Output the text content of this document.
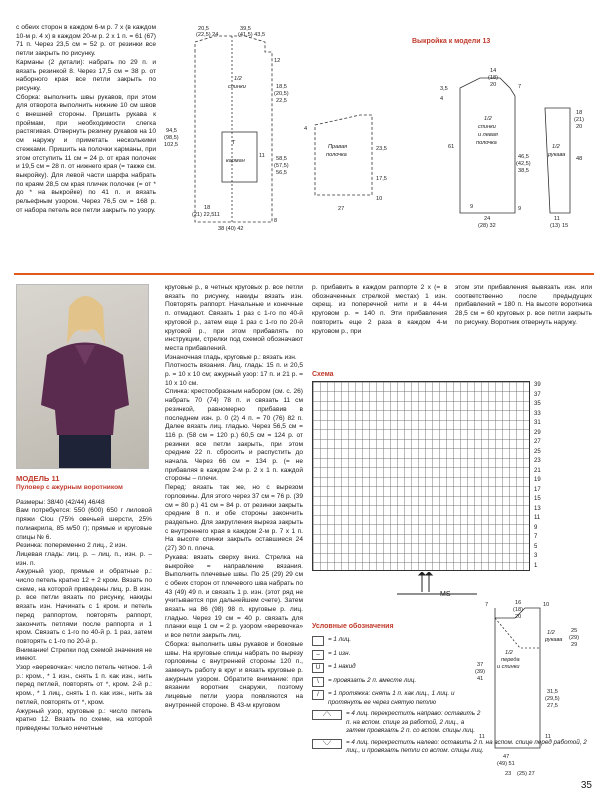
с обеих сторон в каждом 6-м р. 7 х (в каждом 10-м р. 4 х) в каждом 20-м р. 2 х 1 п. = 61 (67) 71 п. Через 23,5 см = 52 р. от резинки все петли закрыть по рисунку.

Карманы (2 детали): набрать по 29 п. и вязать резинкой 8. Через 17,5 см = 38 р. от наборного края все петли закрыть по рисунку.

Сборка: выполнить швы рукавов, при этом для отворота выполнить нижние 10 см швов с внешней стороны. Пришить рукава к проймам, при необходимости слегка растягивая. Отвернуть резинку рукавов на 10 см наружу и приметать несколькими стежками. Пришить на полочки карманы, при этом отступить 11 см = 24 р. от края полочек и 19,5 см = 28 п. от нижнего края (= также см. выкройку). Для левой части шарфа набрать по краям 28,5 см края пличек полочек (= от * до * на выкройке) по 41 п. и вязать рельефным узором. Через 76,5 см = 168 р. от набора петель все петли закрыть по узору.

20,5
(22,5) 24
39,5
(41,5) 43,5
12
1/2
спинки	18,5
(20,5)
22,5
94,5
(98,5)
102,5	Т
карман
11 58,5
(57,5)
56,5
18
(21) 22,5 11
38 (40) 42
8
Правая
полочка
23,5
17,5
27
10
4
Выкройка к модели 13
14
(18)
20	7
3,5
4
1/2
спинки
и левая
полочка
61
46,5
(42,5)
38,5
9
24
(28) 32
9
18
(21)
20
1/2
рукава
48
11
(13) 15
МОДЕЛЬ 11
Пуловер с ажурным воротником

Размеры: 38/40 (42/44) 46/48

Вам потребуется: 550 (600) 650 г лиловой пряжи Clou (75% овечьей шерсти, 25% полиакрила, 85 м/50 г); прямые и круговые спицы № 6.

Резинка: попеременно 2 лиц., 2 изн.

Лицевая гладь: лиц. р. – лиц. п., изн. р. – изн. п.

Ажурный узор, прямые и обратные р.: число петель кратно 12 + 2 кром. Вязать по схеме, на которой приведены лиц. р. В изн. р. все петли вязать по рисунку, накиды вязать изн. Начинать с 1 кром. и петель перед раппортом, повторять раппорт, закончить петлями после раппорта и 1 кром. Связать с 1-го по 40-й р. 1 раз, затем повторять с 1-го по 20-й р.

Внимание! Стрелки под схемой значения не имеют.

Узор «веревочка»: число петель четное. 1-й р.: кром., * 1 изн., снять 1 п. как изн., нить перед петлей, повторять от *, кром. 2-й р.: кром., * 1 лиц., снять 1 п. как изн., нить за петлей, повторять от *, кром.

Ажурный узор, круговые р.: число петель кратно 12. Вязать по схеме, на которой приведены только нечетные

круговые р., в четных круговых р. все петли вязать по рисунку, накиды вязать изн. Повторять раппорт. Начальные и конечные п. отмадают. Связать 1 раз с 1-го по 40-й круговой р., затем еще 1 раз с 1-го по 20-й круговой р., при этом прибавлять по инструкции, стрелки под схемой обозначают места прибавлений.

Изнаночная гладь, круговые р.: вязать изн.

Плотность вязания. Лиц. гладь: 15 п. и 20,5 р. = 10 х 10 см; ажурный узор: 17 п. и 21 р. = 10 х 10 см.

Спинка: крестообразным набором (см. с. 26) набрать 70 (74) 78 п. и связать 11 см резинкой, равномерно прибавив в последнем изн. р. 0 (2) 4 п. = 70 (76) 82 п. Далее вязать лиц. гладью. Через 56,5 см = 116 р. (58 см = 120 р.) 60,5 см = 124 р. от резинки все петли закрыть, при этом средние 22 п. сбросить и распустить до начала. Через 66 см = 134 р. (= не прибавляя в каждом 2-м р. 2 х 1 п. каждой стороны – плечи.

Перед: вязать так же, но с вырезом горловины. Для этого через 37 см = 76 р. (39 см = 80 р.) 41 см = 84 р. от резинки закрыть средние 8 п. и обе стороны закончить раздельно. Для закругления выреза закрыть с внутреннего края в каждом 2-м р. 7 х 1 п. На высоте спинки закрыть оставшиеся 24 (27) 30 п. плеча.

Рукава: вязать сверху вниз. Стрелка на выкройке = направление вязания. Выполнить плечевые швы. По 25 (29) 29 см с обеих сторон от плечевого шва набрать по 43 (49) 49 п. и связать 1 р. изн. (этот ряд не учитывается при дальнейшем счете). Затем вязать на 86 (98) 98 п. круговые р. лиц. гладью. Через 19 см = 40 р. связать для планки еще 1 см = 2 р. узором «веревочка» и все петли закрыть лиц.

Сборка: выполнить швы рукавов и боковые швы. На круговые спицы набрать по вырезу горловины с внутренней стороны 120 п., замкнуть работу в круг и вязать круговые р. ажурным узором. Обратите внимание: при вязании воротник снаружи, поэтому лицевые петли узора появляются на внутренней стороне. В 43-м круговом

р. прибавить в каждом раппорте 2 х (= в обозначенных стрелкой местах) 1 изн. скрещ. из поперечной нити и в 44-м круговом р. = 140 п. Эти прибавления повторить еще 2 раза в каждом 4-м круговом р., при

этом эти прибавления вывязать изн. или соответственно после предыдущих прибавлений = 180 п. На высоте воротника 28,5 см = 60 круговых р. все петли закрыть по рисунку. Воротник отвернуть наружу.

Схема
39
37
35
33
31
29
27
25
23
21
19
17
15
13
11
9
7
5
3
1
MS
Условные обозначения
= 1 лиц.
–	= 1 изн.
U	= 1 накид
\	= провязать 2 п. вместе лиц.
/	= 1 протяжка: снять 1 п. как лиц., 1 лиц. и протянуть ее через снятую петлю
⟋⟍	= 4 лиц. перекрестить направо: оставить 2 п. на вспом. спице за работой, 2 лиц., а затем провязать 2 п. со вспом. спицы лиц.
⟍⟋	= 4 лиц. перекрестить налево: оставить 2 п. на вспом. спице перед работой, 2 лиц., и провязать петли со вспом. спицы лиц.
7	16
(18)
20
10
1/2
рукава
25
(29)
29
1/2
переда
и спинки
37
(39)
41
31,5
(29,5)
27,5
11
47
(49) 51
11
23 (25) 27
35
